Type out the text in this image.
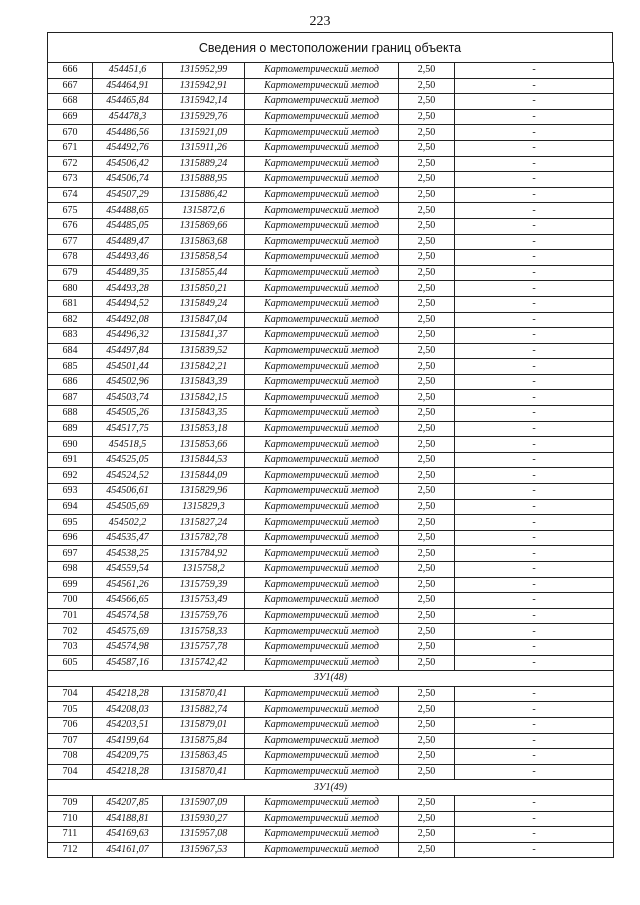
223
Сведения о местоположении границ объекта
666	454451,6	1315952,99	Картометрический метод	2,50	-
667	454464,91	1315942,91	Картометрический метод	2,50	-
668	454465,84	1315942,14	Картометрический метод	2,50	-
669	454478,3	1315929,76	Картометрический метод	2,50	-
670	454486,56	1315921,09	Картометрический метод	2,50	-
671	454492,76	1315911,26	Картометрический метод	2,50	-
672	454506,42	1315889,24	Картометрический метод	2,50	-
673	454506,74	1315888,95	Картометрический метод	2,50	-
674	454507,29	1315886,42	Картометрический метод	2,50	-
675	454488,65	1315872,6	Картометрический метод	2,50	-
676	454485,05	1315869,66	Картометрический метод	2,50	-
677	454489,47	1315863,68	Картометрический метод	2,50	-
678	454493,46	1315858,54	Картометрический метод	2,50	-
679	454489,35	1315855,44	Картометрический метод	2,50	-
680	454493,28	1315850,21	Картометрический метод	2,50	-
681	454494,52	1315849,24	Картометрический метод	2,50	-
682	454492,08	1315847,04	Картометрический метод	2,50	-
683	454496,32	1315841,37	Картометрический метод	2,50	-
684	454497,84	1315839,52	Картометрический метод	2,50	-
685	454501,44	1315842,21	Картометрический метод	2,50	-
686	454502,96	1315843,39	Картометрический метод	2,50	-
687	454503,74	1315842,15	Картометрический метод	2,50	-
688	454505,26	1315843,35	Картометрический метод	2,50	-
689	454517,75	1315853,18	Картометрический метод	2,50	-
690	454518,5	1315853,66	Картометрический метод	2,50	-
691	454525,05	1315844,53	Картометрический метод	2,50	-
692	454524,52	1315844,09	Картометрический метод	2,50	-
693	454506,61	1315829,96	Картометрический метод	2,50	-
694	454505,69	1315829,3	Картометрический метод	2,50	-
695	454502,2	1315827,24	Картометрический метод	2,50	-
696	454535,47	1315782,78	Картометрический метод	2,50	-
697	454538,25	1315784,92	Картометрический метод	2,50	-
698	454559,54	1315758,2	Картометрический метод	2,50	-
699	454561,26	1315759,39	Картометрический метод	2,50	-
700	454566,65	1315753,49	Картометрический метод	2,50	-
701	454574,58	1315759,76	Картометрический метод	2,50	-
702	454575,69	1315758,33	Картометрический метод	2,50	-
703	454574,98	1315757,78	Картометрический метод	2,50	-
605	454587,16	1315742,42	Картометрический метод	2,50	-
ЗУ1(48)					
704	454218,28	1315870,41	Картометрический метод	2,50	-
705	454208,03	1315882,74	Картометрический метод	2,50	-
706	454203,51	1315879,01	Картометрический метод	2,50	-
707	454199,64	1315875,84	Картометрический метод	2,50	-
708	454209,75	1315863,45	Картометрический метод	2,50	-
704	454218,28	1315870,41	Картометрический метод	2,50	-
ЗУ1(49)					
709	454207,85	1315907,09	Картометрический метод	2,50	-
710	454188,81	1315930,27	Картометрический метод	2,50	-
711	454169,63	1315957,08	Картометрический метод	2,50	-
712	454161,07	1315967,53	Картометрический метод	2,50	-
